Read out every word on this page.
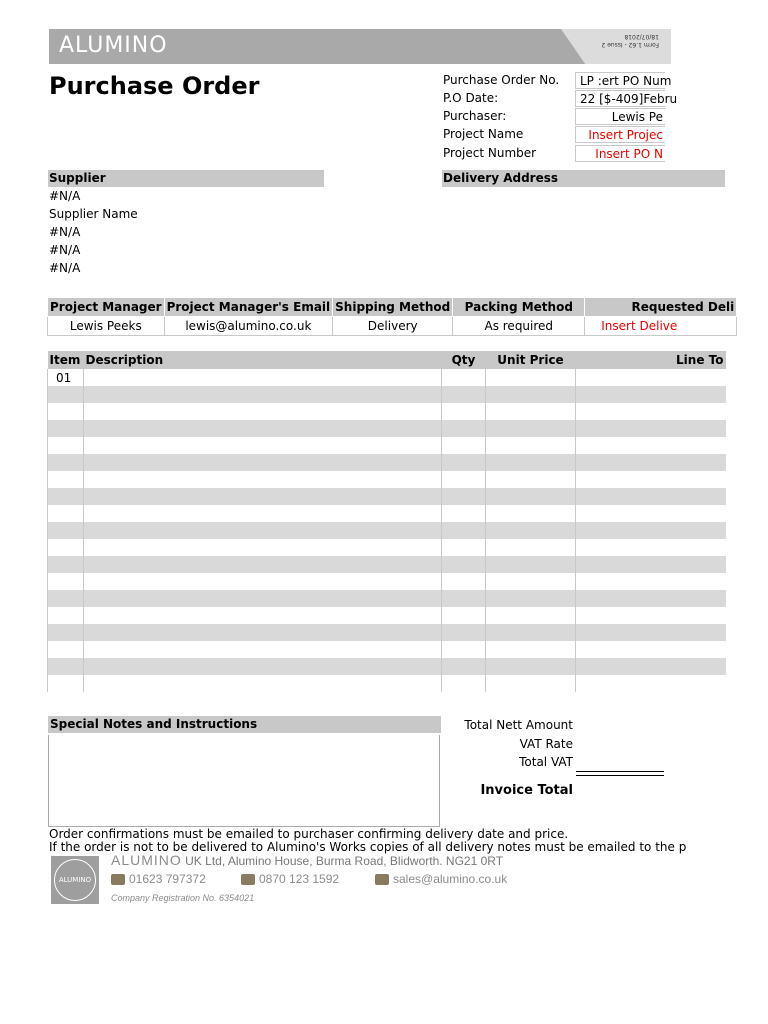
ALUMINO	Form 1.62 - Issue 2
18/07/2018
Purchase Order	Purchase Order No.	LP :ert PO Num
P.O Date:	22 [$-409]Febru
Purchaser:	Lewis Pe
Project Name	Insert Projec
Project Number	Insert PO N
Supplier	Delivery Address
#N/A
Supplier Name
#N/A
#N/A
#N/A
Project Manager	Project Manager's Email	Shipping Method	Packing Method	Requested Deli
Lewis Peeks	lewis@alumino.co.uk	Delivery	As required	Insert Delive
Item	Description	Qty	Unit Price	Line To
01				

Special Notes and Instructions	Total Nett Amount
VAT Rate
Total VAT
Invoice Total
Order confirmations must be emailed to purchaser confirming delivery date and price.
If the order is not to be delivered to Alumino's Works copies of all delivery notes must be emailed to the p
ALUMINO
ALUMINO UK Ltd, Alumino House, Burma Road, Blidworth. NG21 0RT
01623 797372	0870 123 1592	sales@alumino.co.uk
Company Registration No. 6354021
